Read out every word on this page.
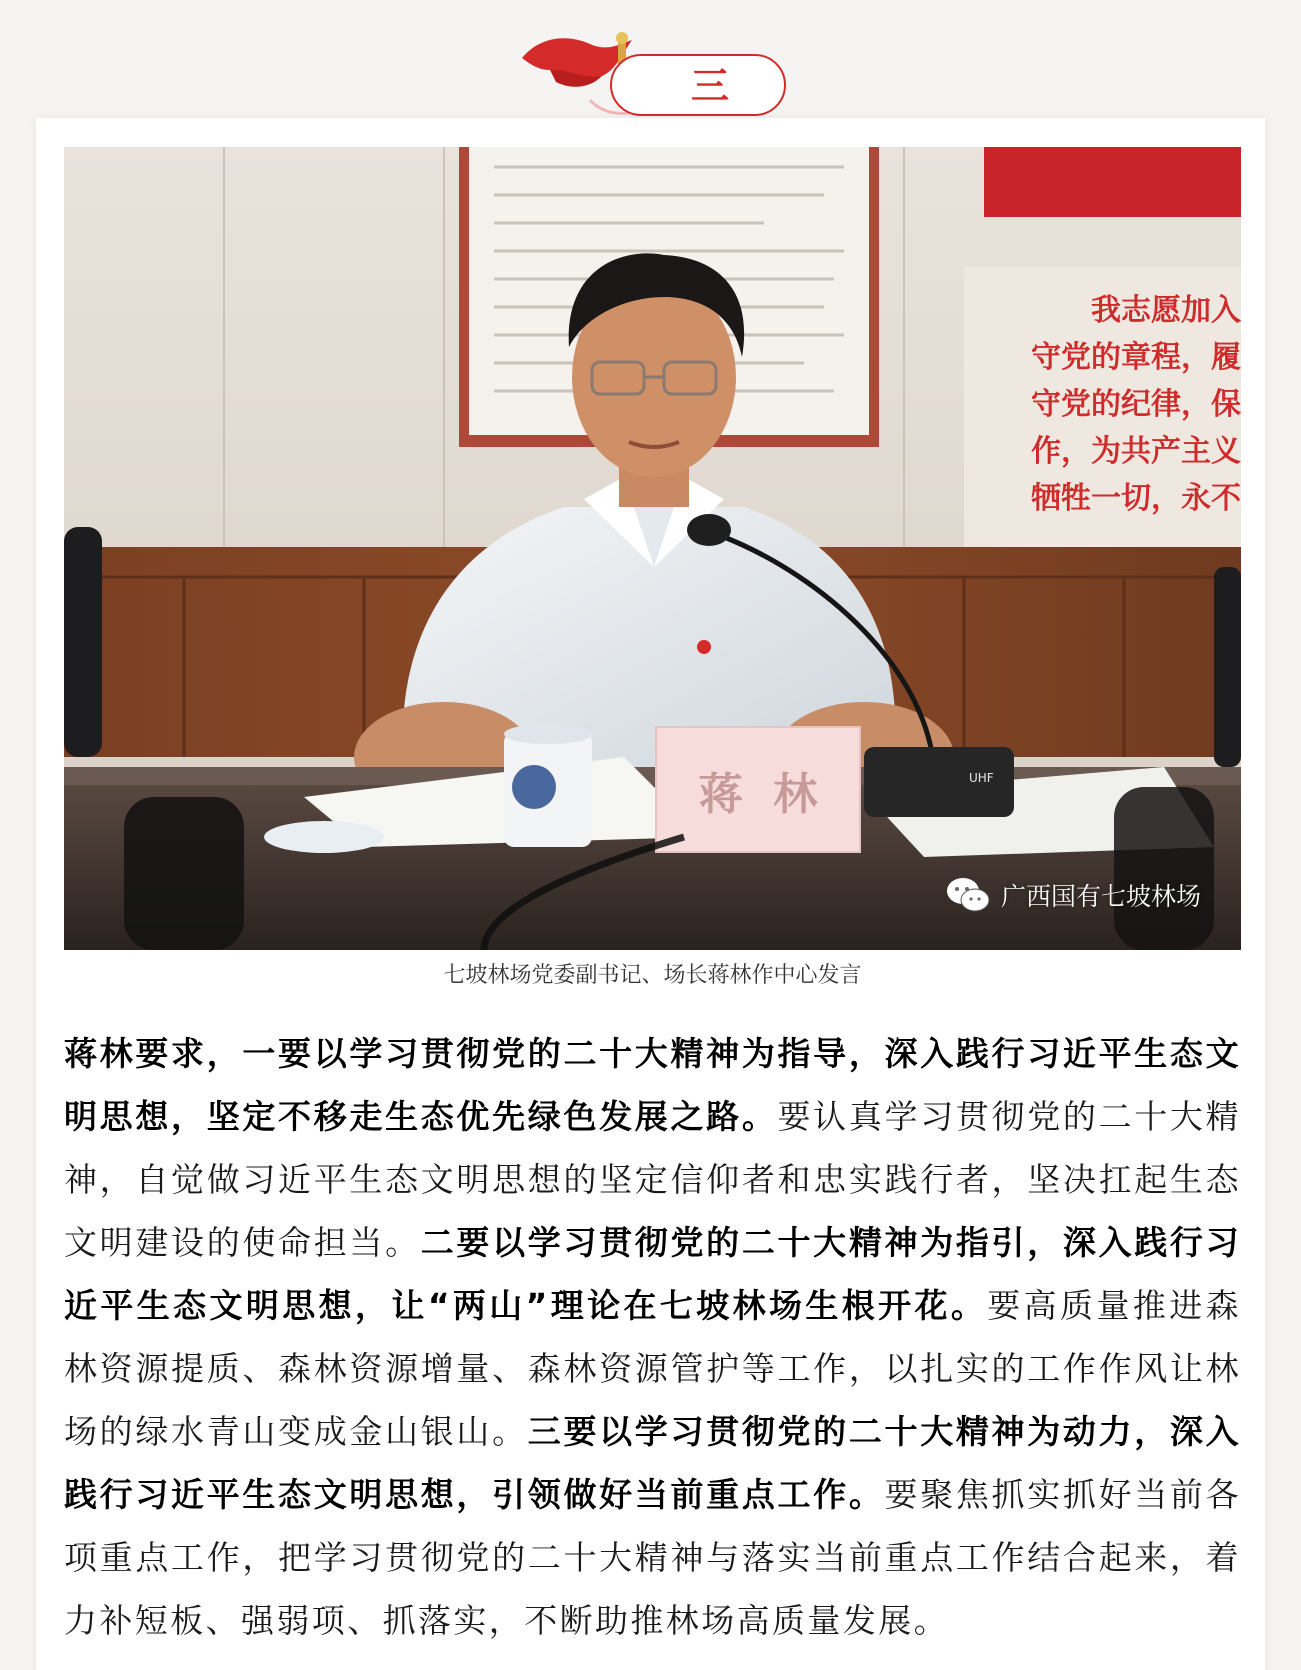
三
蒋  林	UHF
我志愿加入
守党的章程，履
守党的纪律，保
作，为共产主义
牺牲一切，永不
广西国有七坡林场
七坡林场党委副书记、场长蒋林作中心发言

蒋林要求，一要以学习贯彻党的二十大精神为指导，深入践行习近平生态文明思想，坚定不移走生态优先绿色发展之路。要认真学习贯彻党的二十大精神，自觉做习近平生态文明思想的坚定信仰者和忠实践行者，坚决扛起生态文明建设的使命担当。二要以学习贯彻党的二十大精神为指引，深入践行习近平生态文明思想，让“两山”理论在七坡林场生根开花。要高质量推进森林资源提质、森林资源增量、森林资源管护等工作，以扎实的工作作风让林场的绿水青山变成金山银山。三要以学习贯彻党的二十大精神为动力，深入践行习近平生态文明思想，引领做好当前重点工作。要聚焦抓实抓好当前各项重点工作，把学习贯彻党的二十大精神与落实当前重点工作结合起来，着力补短板、强弱项、抓落实，不断助推林场高质量发展。
